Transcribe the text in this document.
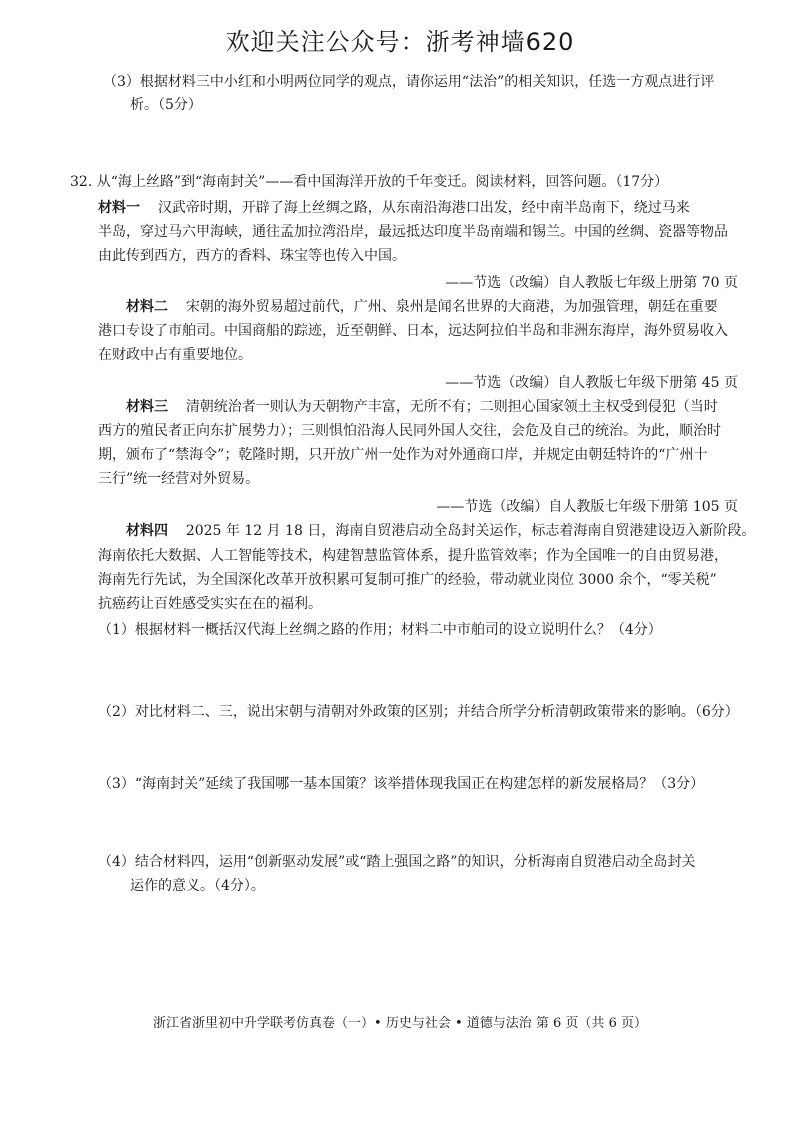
欢迎关注公众号：浙考神墙620
（3）根据材料三中小红和小明两位同学的观点，请你运用“法治”的相关知识，任选一方观点进行评
析。（5分）
32. 从“海上丝路”到“海南封关”——看中国海洋开放的千年变迁。阅读材料，回答问题。（17分）
材料一 汉武帝时期，开辟了海上丝绸之路，从东南沿海港口出发，经中南半岛南下，绕过马来
半岛，穿过马六甲海峡，通往孟加拉湾沿岸，最远抵达印度半岛南端和锡兰。中国的丝绸、瓷器等物品
由此传到西方，西方的香料、珠宝等也传入中国。
——节选（改编）自人教版七年级上册第 70 页
材料二 宋朝的海外贸易超过前代，广州、泉州是闻名世界的大商港，为加强管理，朝廷在重要
港口专设了市舶司。中国商船的踪迹，近至朝鲜、日本，远达阿拉伯半岛和非洲东海岸，海外贸易收入
在财政中占有重要地位。
——节选（改编）自人教版七年级下册第 45 页
材料三 清朝统治者一则认为天朝物产丰富，无所不有；二则担心国家领土主权受到侵犯（当时
西方的殖民者正向东扩展势力）；三则惧怕沿海人民同外国人交往，会危及自己的统治。为此，顺治时
期，颁布了“禁海令”；乾隆时期，只开放广州一处作为对外通商口岸，并规定由朝廷特许的“广州十
三行”统一经营对外贸易。
——节选（改编）自人教版七年级下册第 105 页
材料四 2025 年 12 月 18 日，海南自贸港启动全岛封关运作，标志着海南自贸港建设迈入新阶段。
海南依托大数据、人工智能等技术，构建智慧监管体系，提升监管效率；作为全国唯一的自由贸易港，
海南先行先试，为全国深化改革开放积累可复制可推广的经验，带动就业岗位 3000 余个，“零关税”
抗癌药让百姓感受实实在在的福利。
（1）根据材料一概括汉代海上丝绸之路的作用；材料二中市舶司的设立说明什么？（4分）
（2）对比材料二、三，说出宋朝与清朝对外政策的区别；并结合所学分析清朝政策带来的影响。（6分）
（3）“海南封关”延续了我国哪一基本国策？该举措体现我国正在构建怎样的新发展格局？（3分）
（4）结合材料四，运用“创新驱动发展”或“踏上强国之路”的知识，分析海南自贸港启动全岛封关
运作的意义。（4分）。
浙江省浙里初中升学联考仿真卷（一）• 历史与社会 • 道德与法治 第 6 页（共 6 页）
